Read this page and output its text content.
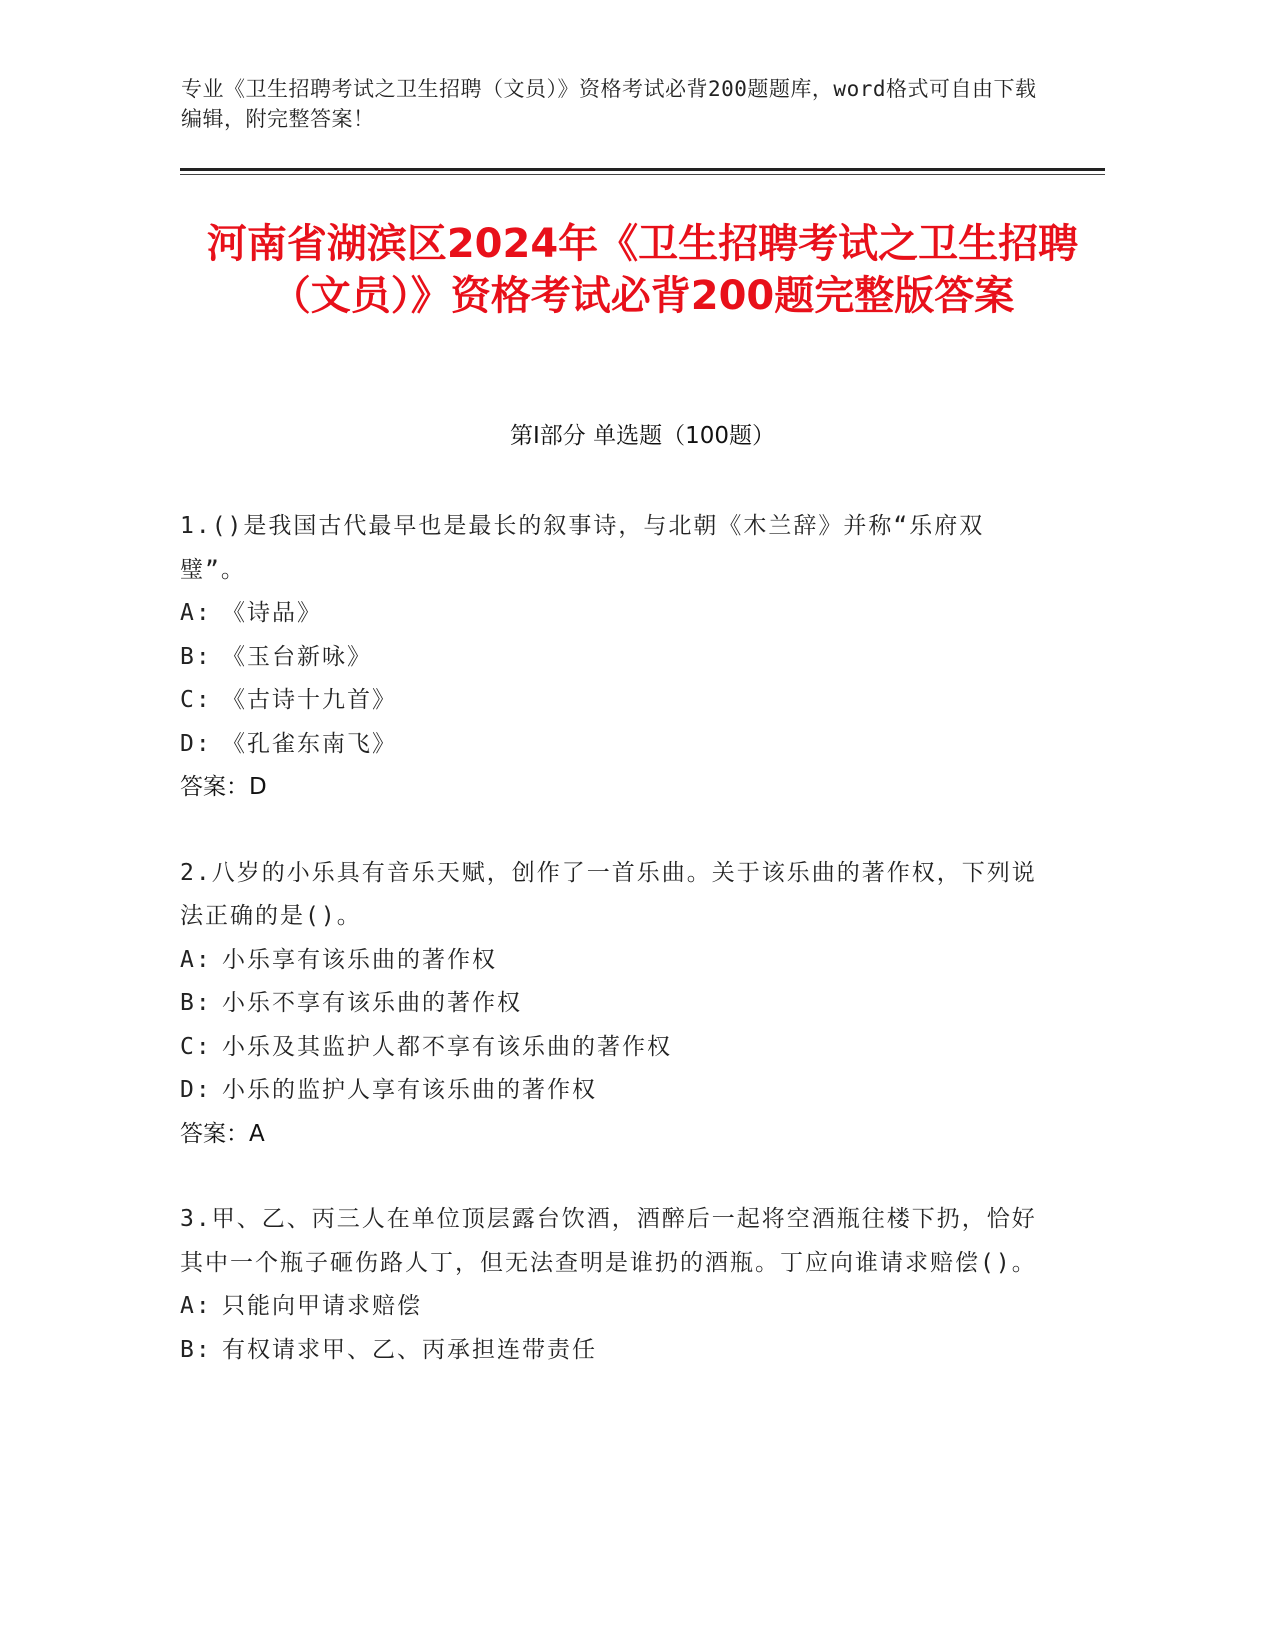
专业《卫生招聘考试之卫生招聘（文员）》资格考试必背200题题库，word格式可自由下载编辑，附完整答案！
河南省湖滨区2024年《卫生招聘考试之卫生招聘（文员）》资格考试必背200题完整版答案
第Ⅰ部分 单选题（100题）
1.()是我国古代最早也是最长的叙事诗，与北朝《木兰辞》并称“乐府双璧”。
A: 《诗品》
B: 《玉台新咏》
C: 《古诗十九首》
D: 《孔雀东南飞》
答案：D
2.八岁的小乐具有音乐天赋，创作了一首乐曲。关于该乐曲的著作权，下列说法正确的是()。
A: 小乐享有该乐曲的著作权
B: 小乐不享有该乐曲的著作权
C: 小乐及其监护人都不享有该乐曲的著作权
D: 小乐的监护人享有该乐曲的著作权
答案：A
3.甲、乙、丙三人在单位顶层露台饮酒，酒醉后一起将空酒瓶往楼下扔，恰好其中一个瓶子砸伤路人丁，但无法查明是谁扔的酒瓶。丁应向谁请求赔偿()。
A: 只能向甲请求赔偿
B: 有权请求甲、乙、丙承担连带责任
